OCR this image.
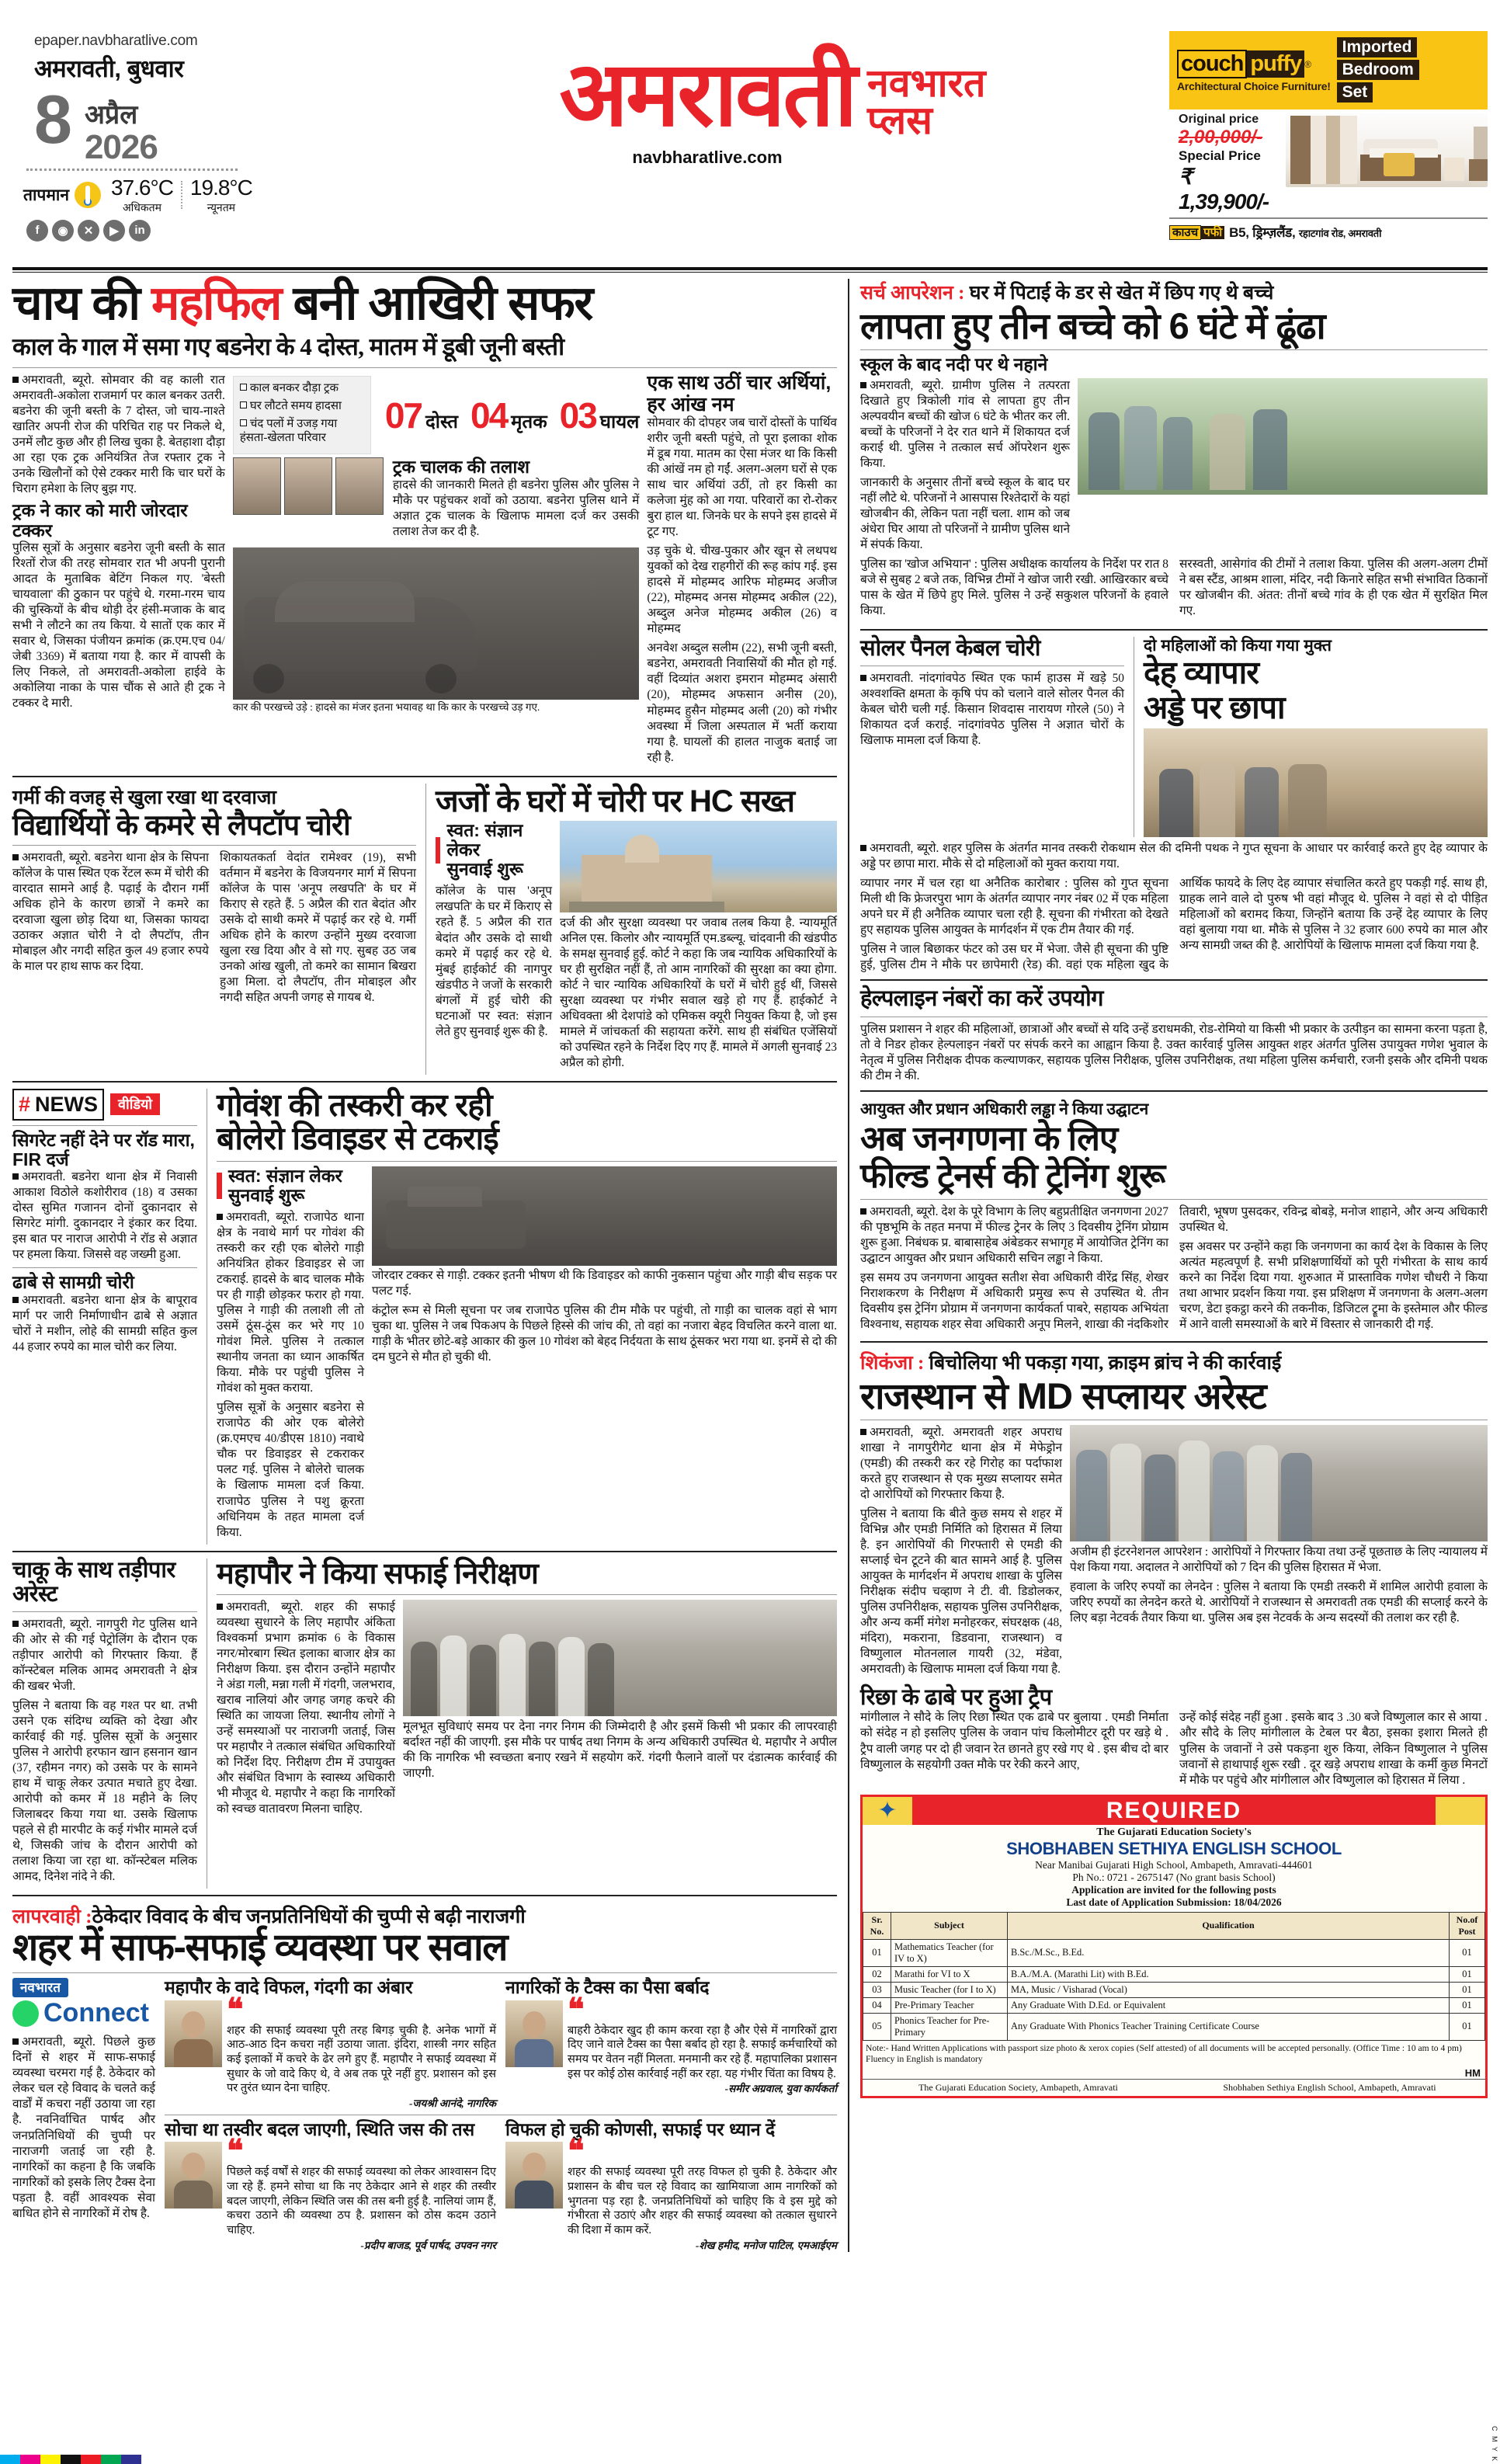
epaper.navbharatlive.com
अमरावती, बुधवार
8 अप्रैल
2026
तापमान 37.6°C
अधिकतम
19.8°C
न्यूनतम
f	◉	✕	▶	in
अमरावती नवभारत
प्लस
navbharatlive.com
couch puffy ®
Architectural Choice Furniture!
Imported
Bedroom
Set
Original price
2,00,000/-
Special Price
₹ 1,39,900/-
काउच पफी B5, ड्रिम्ज़लैंड, रहाटगांव रोड, अमरावती
चाय की महफिल बनी आखिरी सफर
काल के गाल में समा गए बडनेरा के 4 दोस्त, मातम में डूबी जूनी बस्ती

अमरावती, ब्यूरो. सोमवार की वह काली रात अमरावती-अकोला राजमार्ग पर काल बनकर उतरी. बडनेरा की जूनी बस्ती के 7 दोस्त, जो चाय-नाश्ते खातिर अपनी रोज की परिचित राह पर निकले थे, उनमें लौट कुछ और ही लिख चुका है. बेतहाशा दौड़ा आ रहा एक ट्रक अनियंत्रित तेज रफ्तार ट्रक ने उनके खिलौनों को ऐसे टक्कर मारी कि चार घरों के चिराग हमेशा के लिए बुझ गए.

ट्रक ने कार को मारी जोरदार टक्कर

पुलिस सूत्रों के अनुसार बडनेरा जूनी बस्ती के सात रिश्तों रोज की तरह सोमवार रात भी अपनी पुरानी आदत के मुताबिक बेटिंग निकल गए. 'बेस्ती चायवाला' की ठुकान पर पहुंचे थे. गरमा-गरम चाय की चुस्कियों के बीच थोड़ी देर हंसी-मजाक के बाद सभी ने लौटने का तय किया. ये सातों एक कार में सवार थे, जिसका पंजीयन क्रमांक (क्र.एम.एच 04/जेबी 3369) में बताया गया है. कार में वापसी के लिए निकले, तो अमरावती-अकोला हाईवे के अकोलिया नाका के पास चौंक से आते ही ट्रक ने टक्कर दे मारी.

काल बनकर दौड़ा ट्रक
घर लौटते समय हादसा
चंद पलों में उजड़ गया हंसता-खेलता परिवार
07 दोस्त 04 मृतक 03 घायल
ट्रक चालक की तलाश

हादसे की जानकारी मिलते ही बडनेरा पुलिस और पुलिस ने मौके पर पहुंचकर शवों को उठाया. बडनेरा पुलिस थाने में अज्ञात ट्रक चालक के खिलाफ मामला दर्ज कर उसकी तलाश तेज कर दी है.

कार की परखच्चे उड़े : हादसे का मंजर इतना भयावह था कि कार के परखच्चे उड़ गए.
एक साथ उठीं चार अर्थियां, हर आंख नम

सोमवार की दोपहर जब चारों दोस्तों के पार्थिव शरीर जूनी बस्ती पहुंचे, तो पूरा इलाका शोक में डूब गया. मातम का ऐसा मंजर था कि किसी की आंखें नम हो गईं. अलग-अलग घरों से एक साथ चार अर्थियां उठीं, तो हर किसी का कलेजा मुंह को आ गया. परिवारों का रो-रोकर बुरा हाल था. जिनके घर के सपने इस हादसे में टूट गए.

उड़ चुके थे. चीख-पुकार और खून से लथपथ युवकों को देख राहगीरों की रूह कांप गई. इस हादसे में मोहम्मद आरिफ मोहम्मद अजीज (22), मोहम्मद अनस मोहम्मद अकील (22), अब्दुल अनेज मोहम्मद अकील (26) व मोहम्मद

अनवेश अब्दुल सलीम (22), सभी जूनी बस्ती, बडनेरा, अमरावती निवासियों की मौत हो गई. वहीं दिव्यांत अशरा इमरान मोहम्मद अंसारी (20), मोहम्मद अफसान अनीस (20), मोहम्मद हुसैन मोहम्मद अली (20) को गंभीर अवस्था में जिला अस्पताल में भर्ती कराया गया है. घायलों की हालत नाजुक बताई जा रही है.

गर्मी की वजह से खुला रखा था दरवाजा
विद्यार्थियों के कमरे से लैपटॉप चोरी

अमरावती, ब्यूरो. बडनेरा थाना क्षेत्र के सिपना कॉलेज के पास स्थित एक रेंटल रूम में चोरी की वारदात सामने आई है. पढ़ाई के दौरान गर्मी अधिक होने के कारण छात्रों ने कमरे का दरवाजा खुला छोड़ दिया था, जिसका फायदा उठाकर अज्ञात चोरी ने दो लैपटॉप, तीन मोबाइल और नगदी सहित कुल 49 हजार रुपये के माल पर हाथ साफ कर दिया.

शिकायतकर्ता वेदांत रामेश्वर (19), सभी वर्तमान में बडनेरा के विजयनगर मार्ग में सिपना कॉलेज के पास 'अनूप लखपति' के घर में किराए से रहते हैं. 5 अप्रैल की रात बेदांत और उसके दो साथी कमरे में पढ़ाई कर रहे थे. गर्मी अधिक होने के कारण उन्होंने मुख्य दरवाजा खुला रख दिया और वे सो गए. सुबह उठ जब उनको आंख खुली, तो कमरे का सामान बिखरा हुआ मिला. दो लैपटॉप, तीन मोबाइल और नगदी सहित अपनी जगह से गायब थे.

जजों के घरों में चोरी पर HC सख्त
स्वत: संज्ञान लेकर
सुनवाई शुरू

कॉलेज के पास 'अनूप लखपति' के घर में किराए से रहते हैं. 5 अप्रैल की रात बेदांत और उसके दो साथी कमरे में पढ़ाई कर रहे थे. मुंबई हाईकोर्ट की नागपुर खंडपीठ ने जजों के सरकारी बंगलों में हुई चोरी की घटनाओं पर स्वत: संज्ञान लेते हुए सुनवाई शुरू की है.

दर्ज की और सुरक्षा व्यवस्था पर जवाब तलब किया है. न्यायमूर्ति अनिल एस. किलोर और न्यायमूर्ति एम.डब्ल्यू. चांदवानी की खंडपीठ के समक्ष सुनवाई हुई. कोर्ट ने कहा कि जब न्यायिक अधिकारियों के घर ही सुरक्षित नहीं हैं, तो आम नागरिकों की सुरक्षा का क्या होगा. कोर्ट ने चार न्यायिक अधिकारियों के घरों में चोरी हुई थीं, जिससे सुरक्षा व्यवस्था पर गंभीर सवाल खड़े हो गए हैं. हाईकोर्ट ने अधिवक्ता श्री देशपांडे को एमिकस क्यूरी नियुक्त किया है, जो इस मामले में जांचकर्ता की सहायता करेंगे. साथ ही संबंधित एजेंसियों को उपस्थित रहने के निर्देश दिए गए हैं. मामले में अगली सुनवाई 23 अप्रैल को होगी.

# NEWS	वीडियो
सिगरेट नहीं देने पर रॉड मारा, FIR दर्ज

अमरावती. बडनेरा थाना क्षेत्र में निवासी आकाश विठोले कशोरीराव (18) व उसका दोस्त सुमित गजानन दोनों दुकानदार से सिगरेट मांगी. दुकानदार ने इंकार कर दिया. इस बात पर नाराज आरोपी ने रॉड से अज्ञात पर हमला किया. जिससे वह जख्मी हुआ.

ढाबे से सामग्री चोरी

अमरावती. बडनेरा थाना क्षेत्र के बापूराव मार्ग पर जारी निर्माणाधीन ढाबे से अज्ञात चोरों ने मशीन, लोहे की सामग्री सहित कुल 44 हजार रुपये का माल चोरी कर लिया.

गोवंश की तस्करी कर रही
बोलेरो डिवाइडर से टकराई
स्वत: संज्ञान लेकर
सुनवाई शुरू

अमरावती, ब्यूरो. राजापेठ थाना क्षेत्र के नवाथे मार्ग पर गोवंश की तस्करी कर रही एक बोलेरो गाड़ी अनियंत्रित होकर डिवाइडर से जा टकराई. हादसे के बाद चालक मौके पर ही गाड़ी छोड़कर फरार हो गया. पुलिस ने गाड़ी की तलाशी ली तो उसमें ठूंस-ठूंस कर भरे गए 10 गोवंश मिले. पुलिस ने तत्काल स्थानीय जनता का ध्यान आकर्षित किया. मौके पर पहुंची पुलिस ने गोवंश को मुक्त कराया.

पुलिस सूत्रों के अनुसार बडनेरा से राजापेठ की ओर एक बोलेरो (क्र.एमएच 40/डीएस 1810) नवाथे चौक पर डिवाइडर से टकराकर पलट गई. पुलिस ने बोलेरो चालक के खिलाफ मामला दर्ज किया. राजापेठ पुलिस ने पशु क्रूरता अधिनियम के तहत मामला दर्ज किया.

जोरदार टक्कर से गाड़ी. टक्कर इतनी भीषण थी कि डिवाइडर को काफी नुकसान पहुंचा और गाड़ी बीच सड़क पर पलट गई.

कंट्रोल रूम से मिली सूचना पर जब राजापेठ पुलिस की टीम मौके पर पहुंची, तो गाड़ी का चालक वहां से भाग चुका था. पुलिस ने जब पिकअप के पिछले हिस्से की जांच की, तो वहां का नजारा बेहद विचलित करने वाला था. गाड़ी के भीतर छोटे-बड़े आकार की कुल 10 गोवंश को बेहद निर्दयता के साथ ठूंसकर भरा गया था. इनमें से दो की दम घुटने से मौत हो चुकी थी.

चाकू के साथ तड़ीपार अरेस्ट

अमरावती, ब्यूरो. नागपुरी गेट पुलिस थाने की ओर से की गई पेट्रोलिंग के दौरान एक तड़ीपार आरोपी को गिरफ्तार किया. हैं कॉन्स्टेबल मलिक आमद अमरावती ने क्षेत्र की खबर भेजी.

पुलिस ने बताया कि वह गश्त पर था. तभी उसने एक संदिग्ध व्यक्ति को देखा और कार्रवाई की गई. पुलिस सूत्रों के अनुसार पुलिस ने आरोपी हरफान खान हसनान खान (37, रहीमन नगर) को उसके पर के सामने हाथ में चाकू लेकर उत्पात मचाते हुए देखा. आरोपी को कमर में 18 महीने के लिए जिलाबदर किया गया था. उसके खिलाफ पहले से ही मारपीट के कई गंभीर मामले दर्ज थे, जिसकी जांच के दौरान आरोपी को तलाश किया जा रहा था. कॉन्स्टेबल मलिक आमद, दिनेश नांदे ने की.

महापौर ने किया सफाई निरीक्षण

अमरावती, ब्यूरो. शहर की सफाई व्यवस्था सुधारने के लिए महापौर अंकिता विश्वकर्मा प्रभाग क्रमांक 6 के विकास नगर/मोरबाग स्थित इलाका बाजार क्षेत्र का निरीक्षण किया. इस दौरान उन्होंने महापौर ने अंडा गली, मन्ना गली में गंदगी, जलभराव, खराब नालियां और जगह जगह कचरे की स्थिति का जायजा लिया. स्थानीय लोगों ने उन्हें समस्याओं पर नाराजगी जताई, जिस पर महापौर ने तत्काल संबंधित अधिकारियों को निर्देश दिए. निरीक्षण टीम में उपायुक्त और संबंधित विभाग के स्वास्थ्य अधिकारी भी मौजूद थे. महापौर ने कहा कि नागरिकों को स्वच्छ वातावरण मिलना चाहिए.

मूलभूत सुविधाएं समय पर देना नगर निगम की जिम्मेदारी है और इसमें किसी भी प्रकार की लापरवाही बर्दाश्त नहीं की जाएगी. इस मौके पर पार्षद तथा निगम के अन्य अधिकारी उपस्थित थे. महापौर ने अपील की कि नागरिक भी स्वच्छता बनाए रखने में सहयोग करें. गंदगी फैलाने वालों पर दंडात्मक कार्रवाई की जाएगी.

लापरवाही :ठेकेदार विवाद के बीच जनप्रतिनिधियों की चुप्पी से बढ़ी नाराजगी
शहर में साफ-सफाई व्यवस्था पर सवाल
नवभारत
Connect

अमरावती, ब्यूरो. पिछले कुछ दिनों से शहर में साफ-सफाई व्यवस्था चरमरा गई है. ठेकेदार को लेकर चल रहे विवाद के चलते कई वार्डों में कचरा नहीं उठाया जा रहा है. नवनिर्वाचित पार्षद और जनप्रतिनिधियों की चुप्पी पर नाराजगी जताई जा रही है. नागरिकों का कहना है कि जबकि नागरिकों को इसके लिए टैक्स देना पड़ता है. वहीं आवश्यक सेवा बाधित होने से नागरिकों में रोष है.

महापौर के वादे विफल, गंदगी का अंबार
❝
शहर की सफाई व्यवस्था पूरी तरह बिगड़ चुकी है. अनेक भागों में आठ-आठ दिन कचरा नहीं उठाया जाता. इंदिरा, शास्त्री नगर सहित कई इलाकों में कचरे के ढेर लगे हुए हैं. महापौर ने सफाई व्यवस्था में सुधार के जो वादे किए थे, वे अब तक पूरे नहीं हुए. प्रशासन को इस पर तुरंत ध्यान देना चाहिए.
-जयश्री आनंदे, नागरिक
नागरिकों के टैक्स का पैसा बर्बाद
❝
बाहरी ठेकेदार खुद ही काम करवा रहा है और ऐसे में नागरिकों द्वारा दिए जाने वाले टैक्स का पैसा बर्बाद हो रहा है. सफाई कर्मचारियों को समय पर वेतन नहीं मिलता. मनमानी कर रहे हैं. महापालिका प्रशासन इस पर कोई ठोस कार्रवाई नहीं कर रहा. यह गंभीर चिंता का विषय है.
-समीर अग्रवाल, युवा कार्यकर्ता
सोचा था तस्वीर बदल जाएगी, स्थिति जस की तस
❝
पिछले कई वर्षों से शहर की सफाई व्यवस्था को लेकर आश्वासन दिए जा रहे हैं. हमने सोचा था कि नए ठेकेदार आने से शहर की तस्वीर बदल जाएगी, लेकिन स्थिति जस की तस बनी हुई है. नालियां जाम हैं, कचरा उठाने की व्यवस्था ठप है. प्रशासन को ठोस कदम उठाने चाहिए.
-प्रदीप बाजड, पूर्व पार्षद, उपवन नगर
विफल हो चुकी कोणसी, सफाई पर ध्यान दें
❝
शहर की सफाई व्यवस्था पूरी तरह विफल हो चुकी है. ठेकेदार और प्रशासन के बीच चल रहे विवाद का खामियाजा आम नागरिकों को भुगतना पड़ रहा है. जनप्रतिनिधियों को चाहिए कि वे इस मुद्दे को गंभीरता से उठाएं और शहर की सफाई व्यवस्था को तत्काल सुधारने की दिशा में काम करें.
-शेख हमीद, मनोज पाटिल, एमआईएम
सर्च आपरेशन : घर में पिटाई के डर से खेत में छिप गए थे बच्चे
लापता हुए तीन बच्चे को 6 घंटे में ढूंढा
स्कूल के बाद नदी पर थे नहाने

अमरावती, ब्यूरो. ग्रामीण पुलिस ने तत्परता दिखाते हुए त्रिकोली गांव से लापता हुए तीन अल्पवयीन बच्चों की खोज 6 घंटे के भीतर कर ली. बच्चों के परिजनों ने देर रात थाने में शिकायत दर्ज कराई थी. पुलिस ने तत्काल सर्च ऑपरेशन शुरू किया.

जानकारी के अनुसार तीनों बच्चे स्कूल के बाद घर नहीं लौटे थे. परिजनों ने आसपास रिश्तेदारों के यहां खोजबीन की, लेकिन पता नहीं चला. शाम को जब अंधेरा घिर आया तो परिजनों ने ग्रामीण पुलिस थाने में संपर्क किया.

पुलिस का 'खोज अभियान' : पुलिस अधीक्षक कार्यालय के निर्देश पर रात 8 बजे से सुबह 2 बजे तक, विभिन्न टीमों ने खोज जारी रखी. आखिरकार बच्चे पास के खेत में छिपे हुए मिले. पुलिस ने उन्हें सकुशल परिजनों के हवाले किया.

सरस्वती, आसेगांव की टीमों ने तलाश किया. पुलिस की अलग-अलग टीमों ने बस स्टैंड, आश्रम शाला, मंदिर, नदी किनारे सहित सभी संभावित ठिकानों पर खोजबीन की. अंतत: तीनों बच्चे गांव के ही एक खेत में सुरक्षित मिल गए.

सोलर पैनल केबल चोरी

अमरावती. नांदगांवपेठ स्थित एक फार्म हाउस में खड़े 50 अश्वशक्ति क्षमता के कृषि पंप को चलाने वाले सोलर पैनल की केबल चोरी चली गई. किसान शिवदास नारायण गोरले (50) ने शिकायत दर्ज कराई. नांदगांवपेठ पुलिस ने अज्ञात चोरों के खिलाफ मामला दर्ज किया है.

दो महिलाओं को किया गया मुक्त
देह व्यापार
अड्डे पर छापा

अमरावती, ब्यूरो. शहर पुलिस के अंतर्गत मानव तस्करी रोकथाम सेल की दमिनी पथक ने गुप्त सूचना के आधार पर कार्रवाई करते हुए देह व्यापार के अड्डे पर छापा मारा. मौके से दो महिलाओं को मुक्त कराया गया.

व्यापार नगर में चल रहा था अनैतिक कारोबार : पुलिस को गुप्त सूचना मिली थी कि फ्रेजरपुरा भाग के अंतर्गत व्यापार नगर नंबर 02 में एक महिला अपने घर में ही अनैतिक व्यापार चला रही है. सूचना की गंभीरता को देखते हुए सहायक पुलिस आयुक्त के मार्गदर्शन में एक टीम तैयार की गई.

पुलिस ने जाल बिछाकर फंटर को उस घर में भेजा. जैसे ही सूचना की पुष्टि हुई, पुलिस टीम ने मौके पर छापेमारी (रेड) की. वहां एक महिला खुद के आर्थिक फायदे के लिए देह व्यापार संचालित करते हुए पकड़ी गई. साथ ही, ग्राहक लाने वाले दो पुरुष भी वहां मौजूद थे. पुलिस ने वहां से दो पीड़ित महिलाओं को बरामद किया, जिन्होंने बताया कि उन्हें देह व्यापार के लिए वहां बुलाया गया था. मौके से पुलिस ने 32 हजार 600 रुपये का माल और अन्य सामग्री जब्त की है. आरोपियों के खिलाफ मामला दर्ज किया गया है.

हेल्पलाइन नंबरों का करें उपयोग

पुलिस प्रशासन ने शहर की महिलाओं, छात्राओं और बच्चों से यदि उन्हें डराधमकी, रोड-रोमियो या किसी भी प्रकार के उत्पीड़न का सामना करना पड़ता है, तो वे निडर होकर हेल्पलाइन नंबरों पर संपर्क करने का आह्वान किया है. उक्त कार्रवाई पुलिस आयुक्त शहर अंतर्गत पुलिस उपायुक्त गणेश भुवाल के नेतृत्व में पुलिस निरीक्षक दीपक कल्याणकर, सहायक पुलिस निरीक्षक, पुलिस उपनिरीक्षक, तथा महिला पुलिस कर्मचारी, रजनी इसके और दमिनी पथक की टीम ने की.

आयुक्त और प्रधान अधिकारी लड्ढा ने किया उद्घाटन
अब जनगणना के लिए
फील्ड ट्रेनर्स की ट्रेनिंग शुरू

अमरावती, ब्यूरो. देश के पूरे विभाग के लिए बहुप्रतीक्षित जनगणना 2027 की पृष्ठभूमि के तहत मनपा में फील्ड ट्रेनर के लिए 3 दिवसीय ट्रेनिंग प्रोग्राम शुरू हुआ. निबंधक प्र. बाबासाहेब अंबेडकर सभागृह में आयोजित ट्रेनिंग का उद्घाटन आयुक्त और प्रधान अधिकारी सचिन लड्ढा ने किया.

इस समय उप जनगणना आयुक्त सतीश सेवा अधिकारी वीरेंद्र सिंह, शेखर निराशकरण के निरीक्षण में अधिकारी प्रमुख रूप से उपस्थित थे. तीन दिवसीय इस ट्रेनिंग प्रोग्राम में जनगणना कार्यकर्ता पाबरे, सहायक अभियंता विश्वनाथ, सहायक शहर सेवा अधिकारी अनूप मिलने, शाखा की नंदकिशोर तिवारी, भूषण पुसदकर, रविन्द्र बोबड़े, मनोज शाहाने, और अन्य अधिकारी उपस्थित थे.

इस अवसर पर उन्होंने कहा कि जनगणना का कार्य देश के विकास के लिए अत्यंत महत्वपूर्ण है. सभी प्रशिक्षणार्थियों को पूरी गंभीरता के साथ कार्य करने का निर्देश दिया गया. शुरुआत में प्रास्ताविक गणेश चौधरी ने किया तथा आभार प्रदर्शन किया गया. इस प्रशिक्षण में जनगणना के अलग-अलग चरण, डेटा इकट्ठा करने की तकनीक, डिजिटल ट्रूमा के इस्तेमाल और फील्ड में आने वाली समस्याओं के बारे में विस्तार से जानकारी दी गई.

शिकंजा : बिचोलिया भी पकड़ा गया, क्राइम ब्रांच ने की कार्रवाई
राजस्थान से MD सप्लायर अरेस्ट

अमरावती, ब्यूरो. अमरावती शहर अपराध शाखा ने नागपुरीगेट थाना क्षेत्र में मेफेड्रोन (एमडी) की तस्करी कर रहे गिरोह का पर्दाफाश करते हुए राजस्थान से एक मुख्य सप्लायर समेत दो आरोपियों को गिरफ्तार किया है.

पुलिस ने बताया कि बीते कुछ समय से शहर में विभिन्न और एमडी निर्मिति को हिरासत में लिया है. इन आरोपियों की गिरफ्तारी से एमडी की सप्लाई चेन टूटने की बात सामने आई है. पुलिस आयुक्त के मार्गदर्शन में अपराध शाखा के पुलिस निरीक्षक संदीप चव्हाण ने टी. वी. डिडोलकर, पुलिस उपनिरीक्षक, सहायक पुलिस उपनिरीक्षक, और अन्य कर्मी मंगेश मनोहरकर, संघरक्षक (48, मंदिरा), मकराना, डिडवाना, राजस्थान) व विष्णुलाल मोतनलाल गायरी (32, मंडेवा, अमरावती) के खिलाफ मामला दर्ज किया गया है.

अजीम ही इंटरनेशनल आपरेशन : आरोपियों ने गिरफ्तार किया तथा उन्हें पूछताछ के लिए न्यायालय में पेश किया गया. अदालत ने आरोपियों को 7 दिन की पुलिस हिरासत में भेजा.

हवाला के जरिए रुपयों का लेनदेन : पुलिस ने बताया कि एमडी तस्करी में शामिल आरोपी हवाला के जरिए रुपयों का लेनदेन करते थे. आरोपियों ने राजस्थान से अमरावती तक एमडी की सप्लाई करने के लिए बड़ा नेटवर्क तैयार किया था. पुलिस अब इस नेटवर्क के अन्य सदस्यों की तलाश कर रही है.

रिछा के ढाबे पर हुआ ट्रैप

मांगीलाल ने सौदे के लिए रिछा स्थित एक ढाबे पर बुलाया . एमडी निर्माता को संदेह न हो इसलिए पुलिस के जवान पांच किलोमीटर दूरी पर खड़े थे . ट्रैप वाली जगह पर दो ही जवान रेत छानते हुए रखे गए थे . इस बीच दो बार विष्णुलाल के सहयोगी उक्त मौके पर रेकी करने आए,

उन्हें कोई संदेह नहीं हुआ . इसके बाद 3 .30 बजे विष्णुलाल कार से आया . और सौदे के लिए मांगीलाल के टेबल पर बैठा, इसका इशारा मिलते ही पुलिस के जवानों ने उसे पकड़ना शुरु किया, लेकिन विष्णुलाल ने पुलिस जवानों से हाथापाई शुरू रखी . दूर खड़े अपराध शाखा के कर्मी कुछ मिनटों में मौके पर पहुंचे और मांगीलाल और विष्णुलाल को हिरासत में लिया .

✦	REQUIRED
The Gujarati Education Society's
SHOBHABEN SETHIYA ENGLISH SCHOOL
Near Manibai Gujarati High School, Ambapeth, Amravati-444601
Ph No.: 0721 - 2675147 (No grant basis School)
Application are invited for the following posts
Last date of Application Submission: 18/04/2026
Sr. No.	Subject	Qualification	No.of Post
01	Mathematics Teacher (for IV to X)	B.Sc./M.Sc., B.Ed.	01
02	Marathi for VI to X	B.A./M.A. (Marathi Lit) with B.Ed.	01
03	Music Teacher (for I to X)	MA, Music / Visharad (Vocal)	01
04	Pre-Primary Teacher	Any Graduate With D.Ed. or Equivalent	01
05	Phonics Teacher for Pre-Primary	Any Graduate With Phonics Teacher Training Certificate Course	01
Note:- Hand Written Applications with passport size photo & xerox copies (Self attested) of all documents will be accepted personally. (Office Time : 10 am to 4 pm) Fluency in English is mandatory
HM
The Gujarati Education Society, Ambapeth, Amravati	Shobhaben Sethiya English School, Ambapeth, Amravati
C M Y K
